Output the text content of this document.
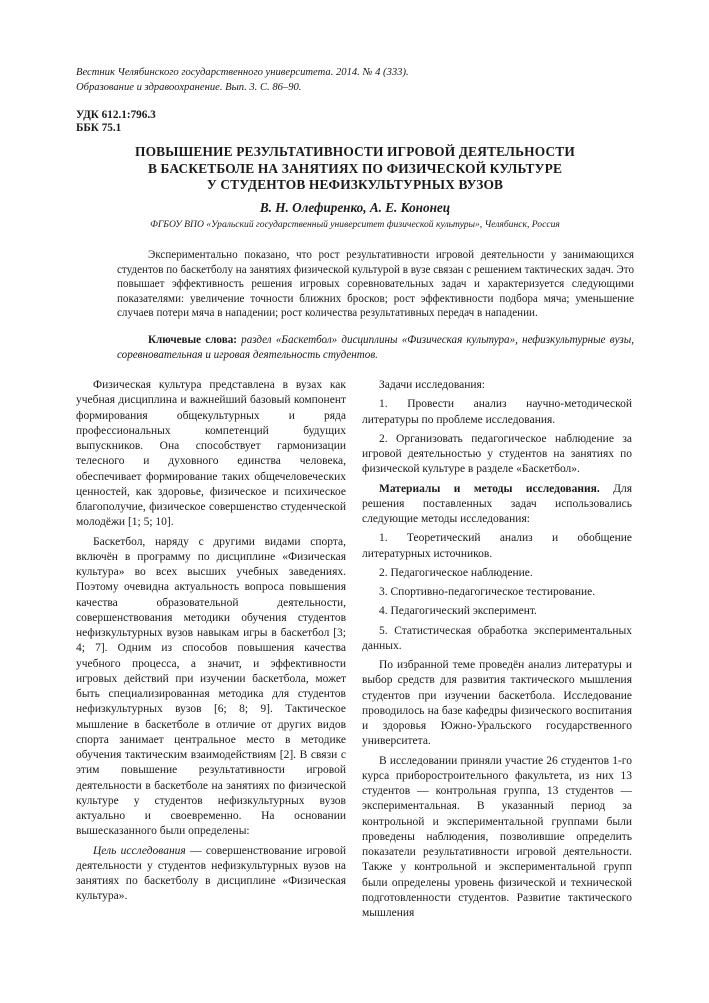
Вестник Челябинского государственного университета. 2014. № 4 (333).
Образование и здравоохранение. Вып. 3. С. 86–90.
УДК 612.1:796.3
ББК 75.1
ПОВЫШЕНИЕ РЕЗУЛЬТАТИВНОСТИ ИГРОВОЙ ДЕЯТЕЛЬНОСТИ
В БАСКЕТБОЛЕ НА ЗАНЯТИЯХ ПО ФИЗИЧЕСКОЙ КУЛЬТУРЕ
У СТУДЕНТОВ НЕФИЗКУЛЬТУРНЫХ ВУЗОВ
В. Н. Олефиренко, А. Е. Кононец
ФГБОУ ВПО «Уральский государственный университет физической культуры», Челябинск, Россия
Экспериментально показано, что рост результативности игровой деятельности у занимающихся студентов по баскетболу на занятиях физической культурой в вузе связан с решением тактических задач. Это повышает эффективность решения игровых соревновательных задач и характеризуется следующими показателями: увеличение точности ближних бросков; рост эффективности подбора мяча; уменьшение случаев потери мяча в нападении; рост количества результативных передач в нападении.
Ключевые слова: раздел «Баскетбол» дисциплины «Физическая культура», нефизкультурные вузы, соревновательная и игровая деятельность студентов.

Физическая культура представлена в вузах как учебная дисциплина и важнейший базовый компонент формирования общекультурных и ряда профессиональных компетенций будущих выпускников. Она способствует гармонизации телесного и духовного единства человека, обеспечивает формирование таких общечеловеческих ценностей, как здоровье, физическое и психическое благополучие, физическое совершенство студенческой молодёжи [1; 5; 10].

Баскетбол, наряду с другими видами спорта, включён в программу по дисциплине «Физическая культура» во всех высших учебных заведениях. Поэтому очевидна актуальность вопроса повышения качества образовательной деятельности, совершенствования методики обучения студентов нефизкультурных вузов навыкам игры в баскетбол [3; 4; 7]. Одним из способов повышения качества учебного процесса, а значит, и эффективности игровых действий при изучении баскетбола, может быть специализированная методика для студентов нефизкультурных вузов [6; 8; 9]. Тактическое мышление в баскетболе в отличие от других видов спорта занимает центральное место в методике обучения тактическим взаимодействиям [2]. В связи с этим повышение результативности игровой деятельности в баскетболе на занятиях по физической культуре у студентов нефизкультурных вузов актуально и своевременно. На основании вышесказанного были определены:

Цель исследования — совершенствование игровой деятельности у студентов нефизкультурных вузов на занятиях по баскетболу в дисциплине «Физическая культура».

Задачи исследования:

1. Провести анализ научно-методической литературы по проблеме исследования.

2. Организовать педагогическое наблюдение за игровой деятельностью у студентов на занятиях по физической культуре в разделе «Баскетбол».

Материалы и методы исследования. Для решения поставленных задач использовались следующие методы исследования:

1. Теоретический анализ и обобщение литературных источников.

2. Педагогическое наблюдение.

3. Спортивно-педагогическое тестирование.

4. Педагогический эксперимент.

5. Статистическая обработка экспериментальных данных.

По избранной теме проведён анализ литературы и выбор средств для развития тактического мышления студентов при изучении баскетбола. Исследование проводилось на базе кафедры физического воспитания и здоровья Южно-Уральского государственного университета.

В исследовании приняли участие 26 студентов 1-го курса приборостроительного факультета, из них 13 студентов — контрольная группа, 13 студентов — экспериментальная. В указанный период за контрольной и экспериментальной группами были проведены наблюдения, позволившие определить показатели результативности игровой деятельности. Также у контрольной и экспериментальной групп были определены уровень физической и технической подготовленности студентов. Развитие тактического мышления
